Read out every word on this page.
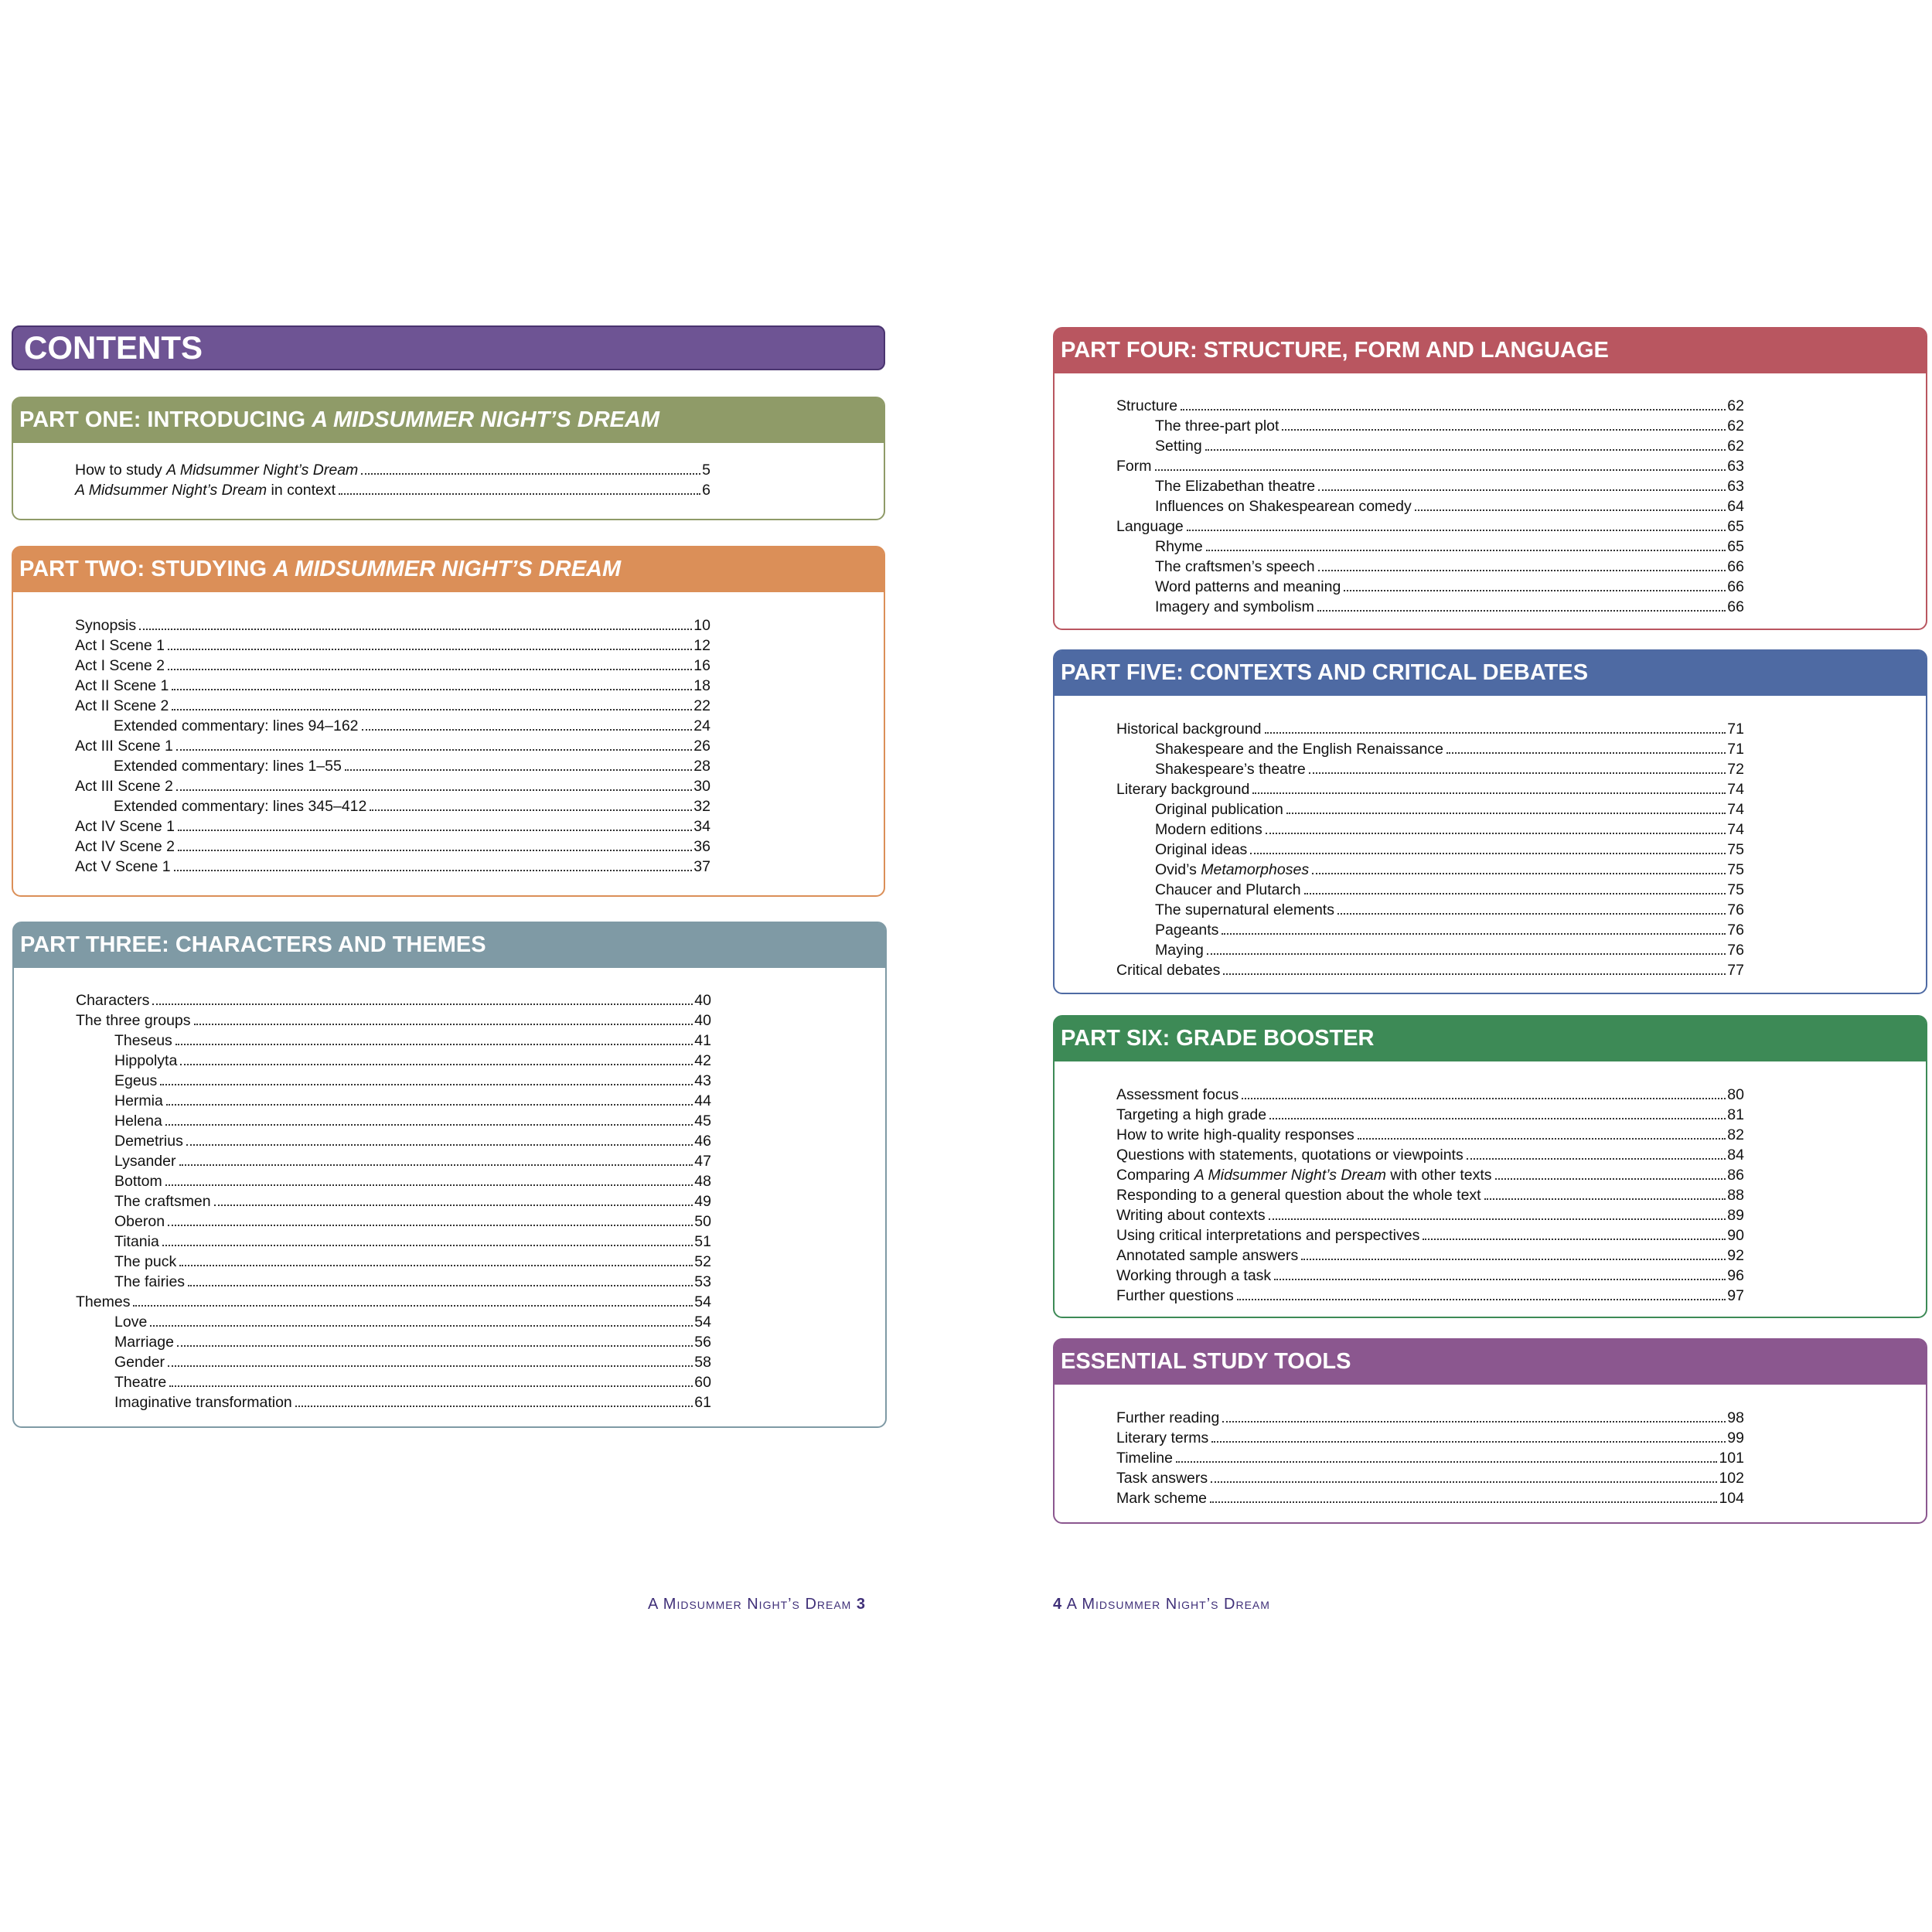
CONTENTS
PART ONE: INTRODUCING A MIDSUMMER NIGHT’S DREAM
How to study A Midsummer Night’s Dream	5
A Midsummer Night’s Dream in context	6
PART TWO: STUDYING A MIDSUMMER NIGHT’S DREAM
Synopsis	10
Act I Scene 1	12
Act I Scene 2	16
Act II Scene 1	18
Act II Scene 2	22
Extended commentary: lines 94–162	24
Act III Scene 1	26
Extended commentary: lines 1–55	28
Act III Scene 2	30
Extended commentary: lines 345–412	32
Act IV Scene 1	34
Act IV Scene 2	36
Act V Scene 1	37
PART THREE: CHARACTERS AND THEMES
Characters	40
The three groups	40
Theseus	41
Hippolyta	42
Egeus	43
Hermia	44
Helena	45
Demetrius	46
Lysander	47
Bottom	48
The craftsmen	49
Oberon	50
Titania	51
The puck	52
The fairies	53
Themes	54
Love	54
Marriage	56
Gender	58
Theatre	60
Imaginative transformation	61
PART FOUR: STRUCTURE, FORM AND LANGUAGE
Structure	62
The three-part plot	62
Setting	62
Form	63
The Elizabethan theatre	63
Influences on Shakespearean comedy	64
Language	65
Rhyme	65
The craftsmen’s speech	66
Word patterns and meaning	66
Imagery and symbolism	66
PART FIVE: CONTEXTS AND CRITICAL DEBATES
Historical background	71
Shakespeare and the English Renaissance	71
Shakespeare’s theatre	72
Literary background	74
Original publication	74
Modern editions	74
Original ideas	75
Ovid’s Metamorphoses	75
Chaucer and Plutarch	75
The supernatural elements	76
Pageants	76
Maying	76
Critical debates	77
PART SIX: GRADE BOOSTER
Assessment focus	80
Targeting a high grade	81
How to write high-quality responses	82
Questions with statements, quotations or viewpoints	84
Comparing A Midsummer Night’s Dream with other texts	86
Responding to a general question about the whole text	88
Writing about contexts	89
Using critical interpretations and perspectives	90
Annotated sample answers	92
Working through a task	96
Further questions	97
ESSENTIAL STUDY TOOLS
Further reading	98
Literary terms	99
Timeline	101
Task answers	102
Mark scheme	104
A Midsummer Night’s Dream 3	4 A Midsummer Night’s Dream
